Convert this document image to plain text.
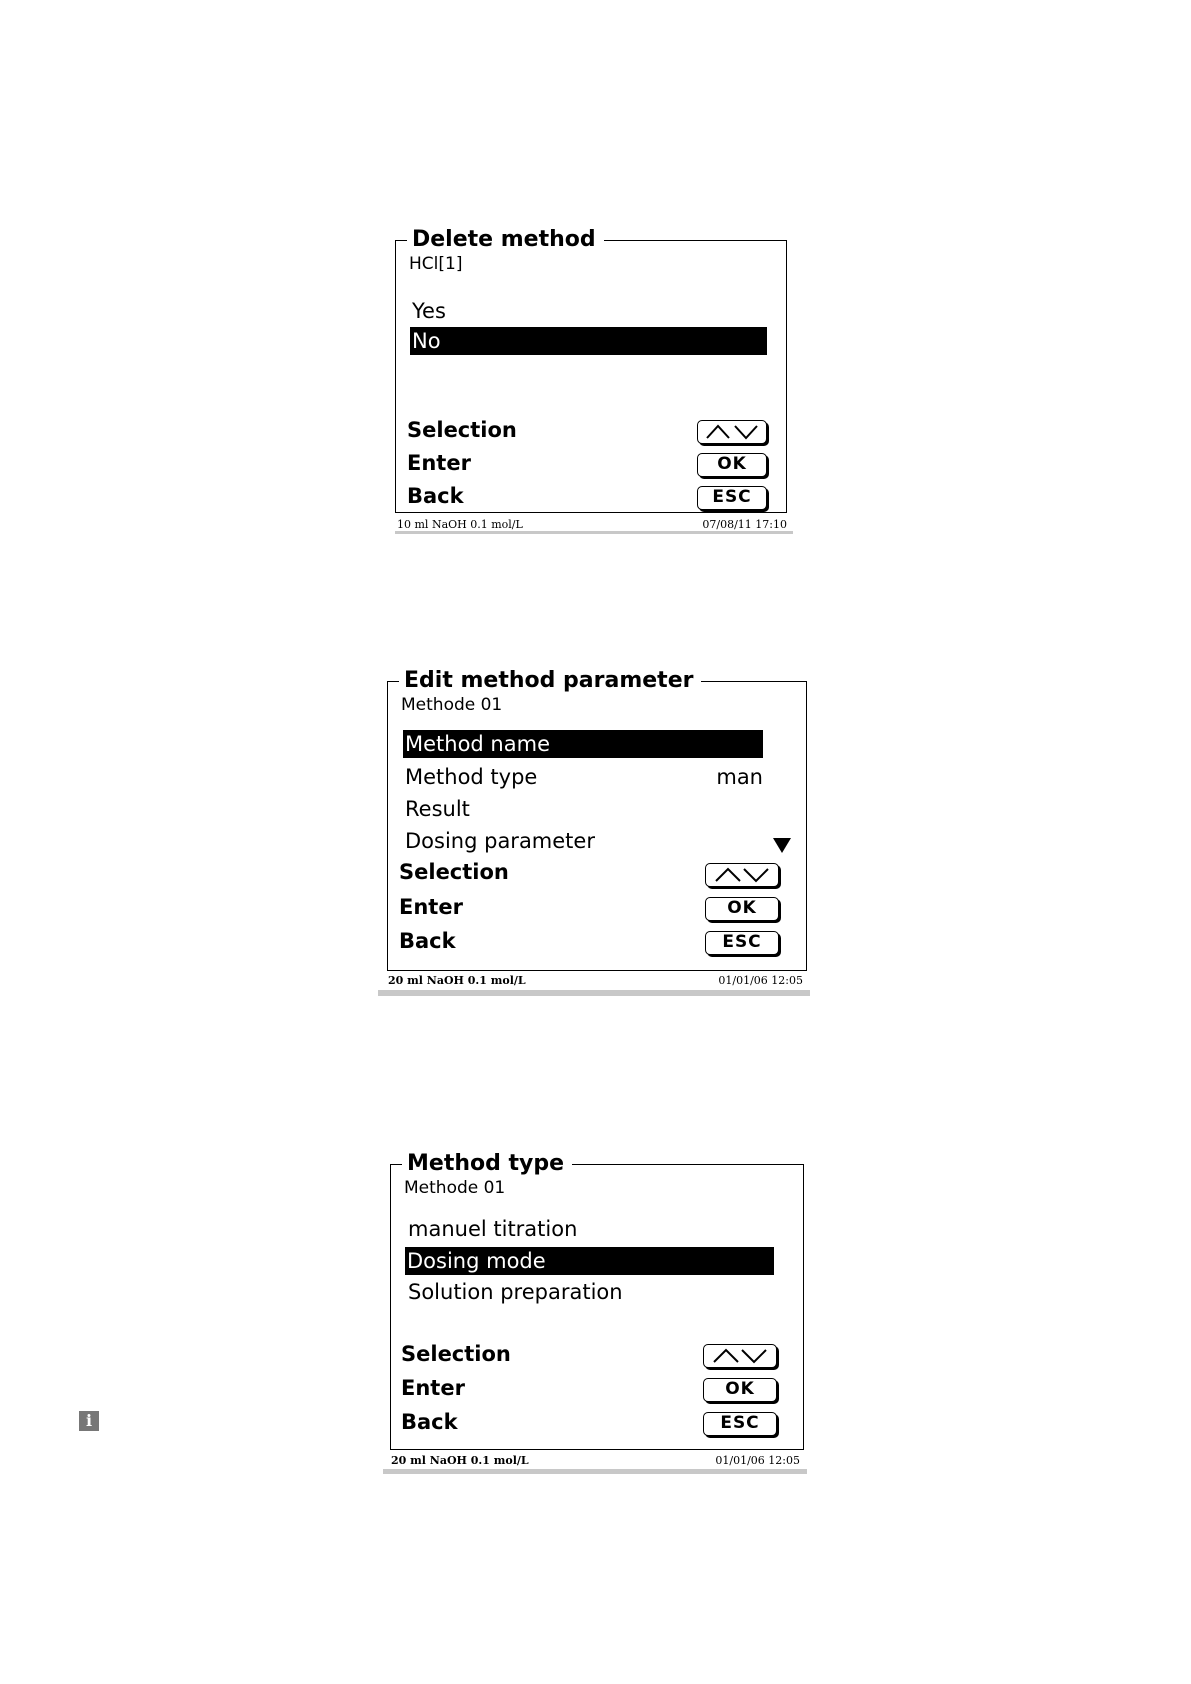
Delete method
HCl[1]
Yes
No
Selection
Enter
Back
OK
ESC
10 ml NaOH 0.1 mol/L	07/08/11 17:10
Edit method parameter
Methode 01
Method name
Method type	man
Result
Dosing parameter
Selection
Enter
Back
OK
ESC
20 ml NaOH 0.1 mol/L	01/01/06 12:05
Method type
Methode 01
manuel titration
Dosing mode
Solution preparation
Selection
Enter
Back
OK
ESC
20 ml NaOH 0.1 mol/L	01/01/06 12:05
i
